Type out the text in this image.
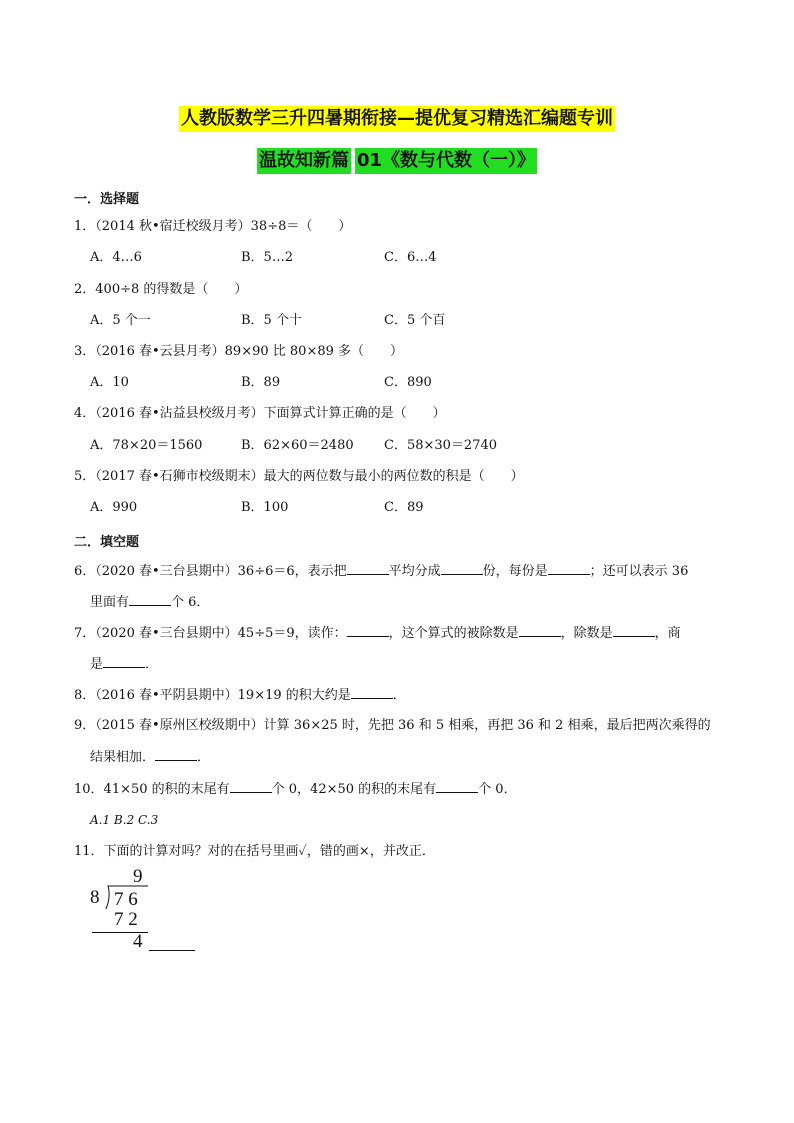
人教版数学三升四暑期衔接—提优复习精选汇编题专训
温故知新篇 01《数与代数（一）》
一．选择题
1．（2014 秋•宿迁校级月考）38÷8＝（　　）
A．4…6	B．5…2	C．6…4
2．400÷8 的得数是（　　）
A．5 个一	B．5 个十	C．5 个百
3．（2016 春•云县月考）89×90 比 80×89 多（　　）
A．10	B．89	C．890
4．（2016 春•沾益县校级月考）下面算式计算正确的是（　　）
A．78×20＝1560	B．62×60＝2480 C．58×30＝2740
5．（2017 春•石狮市校级期末）最大的两位数与最小的两位数的积是（　　）
A．990	B．100	C．89
二．填空题
6．（2020 春•三台县期中）36÷6＝6，表示把	平均分成	份，每份是	；还可以表示 36
里面有	个 6．
7．（2020 春•三台县期中）45÷5＝9，读作：	，这个算式的被除数是	，除数是	，商
是	．
8．（2016 春•平阴县期中）19×19 的积大约是	．
9．（2015 春•原州区校级期中）计算 36×25 时，先把 36 和 5 相乘，再把 36 和 2 相乘，最后把两次乘得的
结果相加．	．
10．41×50 的积的末尾有	个 0，42×50 的积的末尾有	个 0．
A.1 B.2 C.3
11．下面的计算对吗？对的在括号里画✓，错的画×，并改正．
9
8 7 6
7 2
4
